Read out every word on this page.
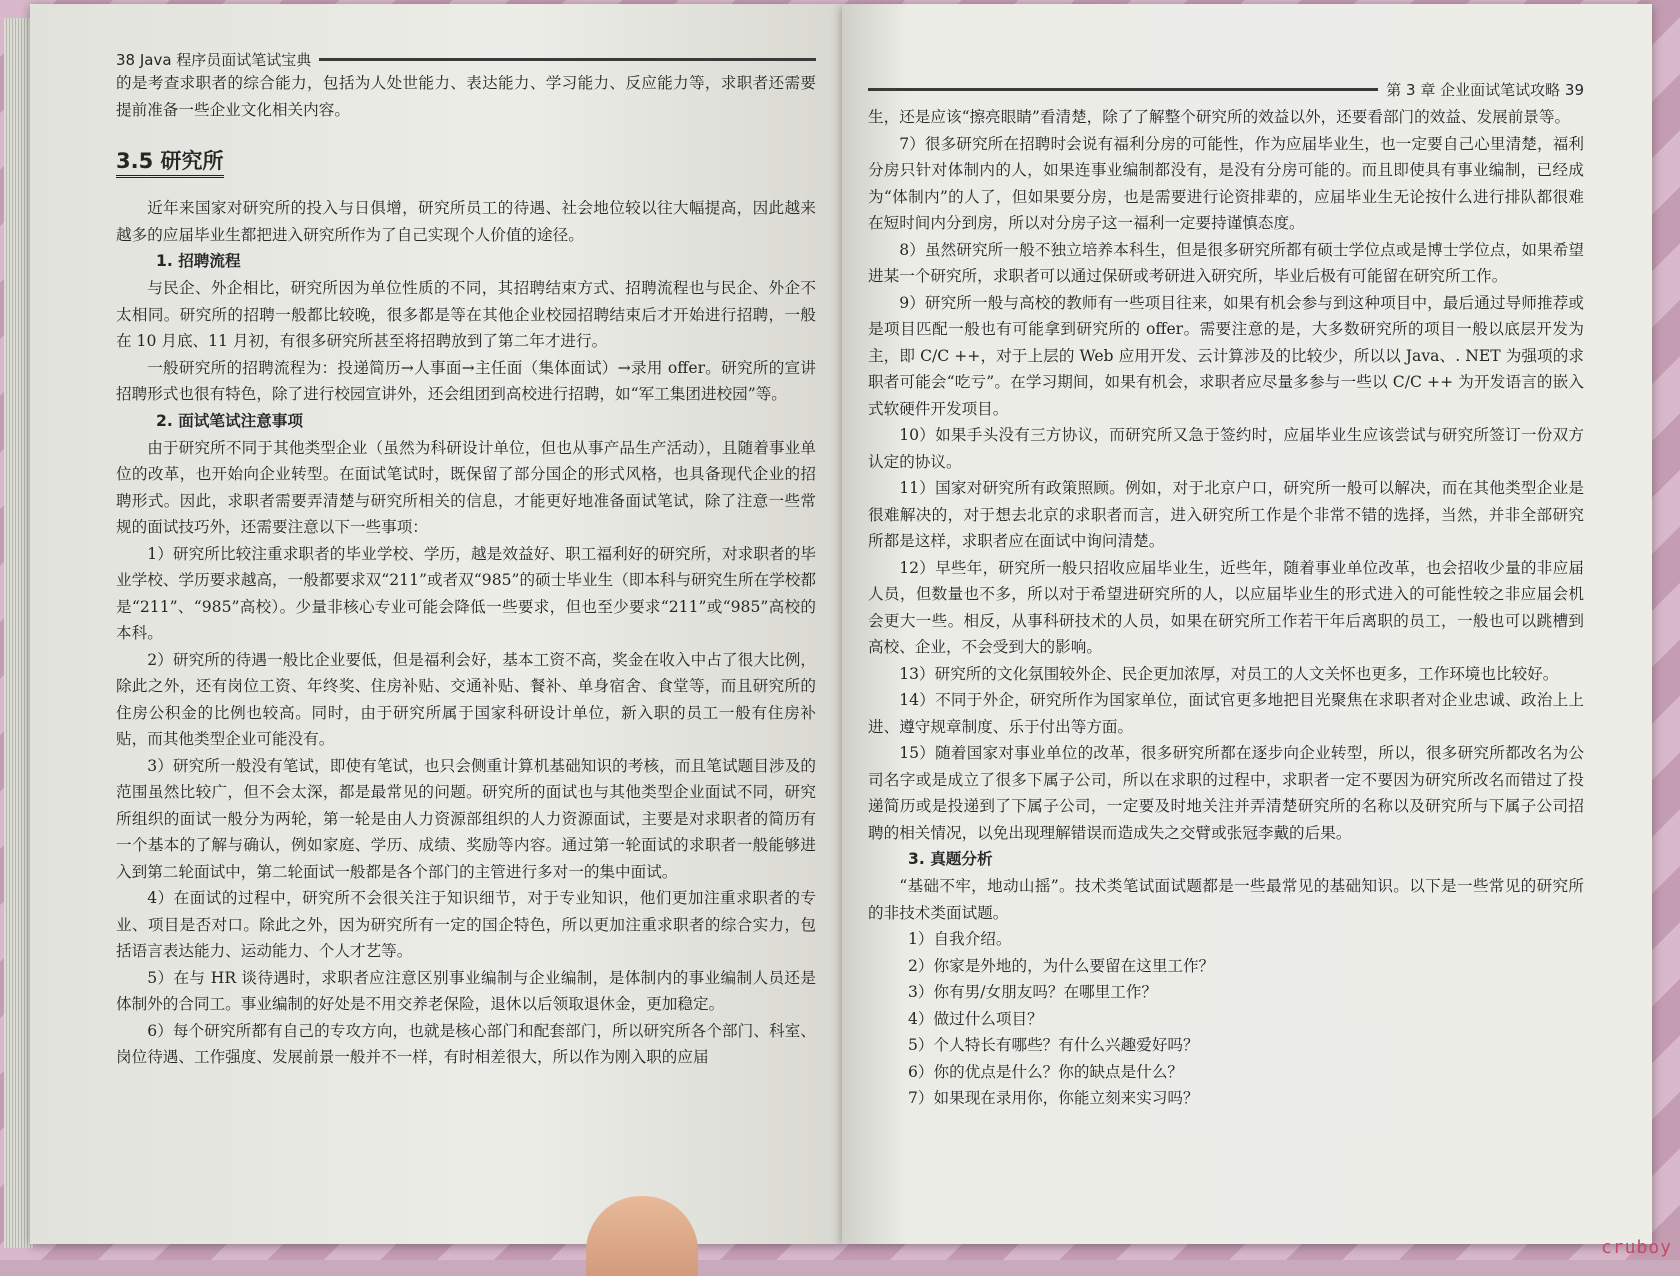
38 Java 程序员面试笔试宝典

的是考查求职者的综合能力，包括为人处世能力、表达能力、学习能力、反应能力等，求职者还需要提前准备一些企业文化相关内容。

3.5 研究所

近年来国家对研究所的投入与日俱增，研究所员工的待遇、社会地位较以往大幅提高，因此越来越多的应届毕业生都把进入研究所作为了自己实现个人价值的途径。

1. 招聘流程

与民企、外企相比，研究所因为单位性质的不同，其招聘结束方式、招聘流程也与民企、外企不太相同。研究所的招聘一般都比较晚，很多都是等在其他企业校园招聘结束后才开始进行招聘，一般在 10 月底、11 月初，有很多研究所甚至将招聘放到了第二年才进行。

一般研究所的招聘流程为：投递简历→人事面→主任面（集体面试）→录用 offer。研究所的宣讲招聘形式也很有特色，除了进行校园宣讲外，还会组团到高校进行招聘，如“军工集团进校园”等。

2. 面试笔试注意事项

由于研究所不同于其他类型企业（虽然为科研设计单位，但也从事产品生产活动），且随着事业单位的改革，也开始向企业转型。在面试笔试时，既保留了部分国企的形式风格，也具备现代企业的招聘形式。因此，求职者需要弄清楚与研究所相关的信息，才能更好地准备面试笔试，除了注意一些常规的面试技巧外，还需要注意以下一些事项：

1）研究所比较注重求职者的毕业学校、学历，越是效益好、职工福利好的研究所，对求职者的毕业学校、学历要求越高，一般都要求双“211”或者双“985”的硕士毕业生（即本科与研究生所在学校都是“211”、“985”高校）。少量非核心专业可能会降低一些要求，但也至少要求“211”或“985”高校的本科。

2）研究所的待遇一般比企业要低，但是福利会好，基本工资不高，奖金在收入中占了很大比例，除此之外，还有岗位工资、年终奖、住房补贴、交通补贴、餐补、单身宿舍、食堂等，而且研究所的住房公积金的比例也较高。同时，由于研究所属于国家科研设计单位，新入职的员工一般有住房补贴，而其他类型企业可能没有。

3）研究所一般没有笔试，即使有笔试，也只会侧重计算机基础知识的考核，而且笔试题目涉及的范围虽然比较广，但不会太深，都是最常见的问题。研究所的面试也与其他类型企业面试不同，研究所组织的面试一般分为两轮，第一轮是由人力资源部组织的人力资源面试，主要是对求职者的简历有一个基本的了解与确认，例如家庭、学历、成绩、奖励等内容。通过第一轮面试的求职者一般能够进入到第二轮面试中，第二轮面试一般都是各个部门的主管进行多对一的集中面试。

4）在面试的过程中，研究所不会很关注于知识细节，对于专业知识，他们更加注重求职者的专业、项目是否对口。除此之外，因为研究所有一定的国企特色，所以更加注重求职者的综合实力，包括语言表达能力、运动能力、个人才艺等。

5）在与 HR 谈待遇时，求职者应注意区别事业编制与企业编制，是体制内的事业编制人员还是体制外的合同工。事业编制的好处是不用交养老保险，退休以后领取退休金，更加稳定。

6）每个研究所都有自己的专攻方向，也就是核心部门和配套部门，所以研究所各个部门、科室、岗位待遇、工作强度、发展前景一般并不一样，有时相差很大，所以作为刚入职的应届

第 3 章 企业面试笔试攻略 39

生，还是应该“擦亮眼睛”看清楚，除了了解整个研究所的效益以外，还要看部门的效益、发展前景等。

7）很多研究所在招聘时会说有福利分房的可能性，作为应届毕业生，也一定要自己心里清楚，福利分房只针对体制内的人，如果连事业编制都没有，是没有分房可能的。而且即使具有事业编制，已经成为“体制内”的人了，但如果要分房，也是需要进行论资排辈的，应届毕业生无论按什么进行排队都很难在短时间内分到房，所以对分房子这一福利一定要持谨慎态度。

8）虽然研究所一般不独立培养本科生，但是很多研究所都有硕士学位点或是博士学位点，如果希望进某一个研究所，求职者可以通过保研或考研进入研究所，毕业后极有可能留在研究所工作。

9）研究所一般与高校的教师有一些项目往来，如果有机会参与到这种项目中，最后通过导师推荐或是项目匹配一般也有可能拿到研究所的 offer。需要注意的是，大多数研究所的项目一般以底层开发为主，即 C/C ++，对于上层的 Web 应用开发、云计算涉及的比较少，所以以 Java、. NET 为强项的求职者可能会“吃亏”。在学习期间，如果有机会，求职者应尽量多参与一些以 C/C ++ 为开发语言的嵌入式软硬件开发项目。

10）如果手头没有三方协议，而研究所又急于签约时，应届毕业生应该尝试与研究所签订一份双方认定的协议。

11）国家对研究所有政策照顾。例如，对于北京户口，研究所一般可以解决，而在其他类型企业是很难解决的，对于想去北京的求职者而言，进入研究所工作是个非常不错的选择，当然，并非全部研究所都是这样，求职者应在面试中询问清楚。

12）早些年，研究所一般只招收应届毕业生，近些年，随着事业单位改革，也会招收少量的非应届人员，但数量也不多，所以对于希望进研究所的人，以应届毕业生的形式进入的可能性较之非应届会机会更大一些。相反，从事科研技术的人员，如果在研究所工作若干年后离职的员工，一般也可以跳槽到高校、企业，不会受到大的影响。

13）研究所的文化氛围较外企、民企更加浓厚，对员工的人文关怀也更多，工作环境也比较好。

14）不同于外企，研究所作为国家单位，面试官更多地把目光聚焦在求职者对企业忠诚、政治上上进、遵守规章制度、乐于付出等方面。

15）随着国家对事业单位的改革，很多研究所都在逐步向企业转型，所以，很多研究所都改名为公司名字或是成立了很多下属子公司，所以在求职的过程中，求职者一定不要因为研究所改名而错过了投递简历或是投递到了下属子公司，一定要及时地关注并弄清楚研究所的名称以及研究所与下属子公司招聘的相关情况，以免出现理解错误而造成失之交臂或张冠李戴的后果。

3. 真题分析

“基础不牢，地动山摇”。技术类笔试面试题都是一些最常见的基础知识。以下是一些常见的研究所的非技术类面试题。

1）自我介绍。
2）你家是外地的，为什么要留在这里工作？
3）你有男/女朋友吗？在哪里工作？
4）做过什么项目？
5）个人特长有哪些？有什么兴趣爱好吗？
6）你的优点是什么？你的缺点是什么？
7）如果现在录用你，你能立刻来实习吗？
cruboy
